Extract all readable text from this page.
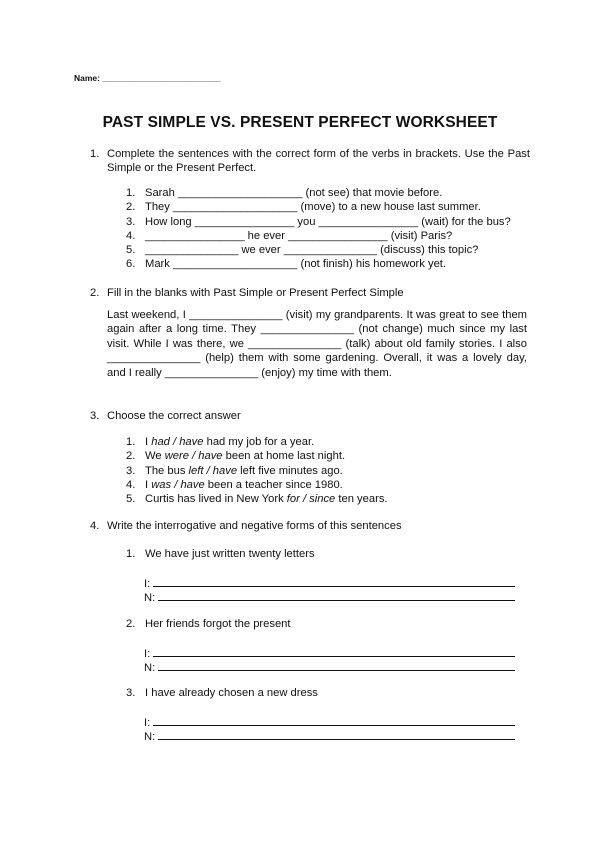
Name: _________________________
PAST SIMPLE VS. PRESENT PERFECT WORKSHEET
1. Complete the sentences with the correct form of the verbs in brackets. Use the Past Simple or the Present Perfect.
1. Sarah ____________________ (not see) that movie before.
2. They ____________________ (move) to a new house last summer.
3. How long ________________ you ________________ (wait) for the bus?
4. ________________ he ever ________________ (visit) Paris?
5. _______________ we ever _______________ (discuss) this topic?
6. Mark ____________________ (not finish) his homework yet.
2. Fill in the blanks with Past Simple or Present Perfect Simple
Last weekend, I _______________ (visit) my grandparents. It was great to see them again after a long time. They _______________ (not change) much since my last visit. While I was there, we _______________ (talk) about old family stories. I also _______________ (help) them with some gardening. Overall, it was a lovely day, and I really _______________ (enjoy) my time with them.
3. Choose the correct answer
1. I had / have had my job for a year.
2. We were / have been at home last night.
3. The bus left / have left five minutes ago.
4. I was / have been a teacher since 1980.
5. Curtis has lived in New York for / since ten years.
4. Write the interrogative and negative forms of this sentences
1. We have just written twenty letters
I:
N:
2. Her friends forgot the present
I:
N:
3. I have already chosen a new dress
I:
N:
